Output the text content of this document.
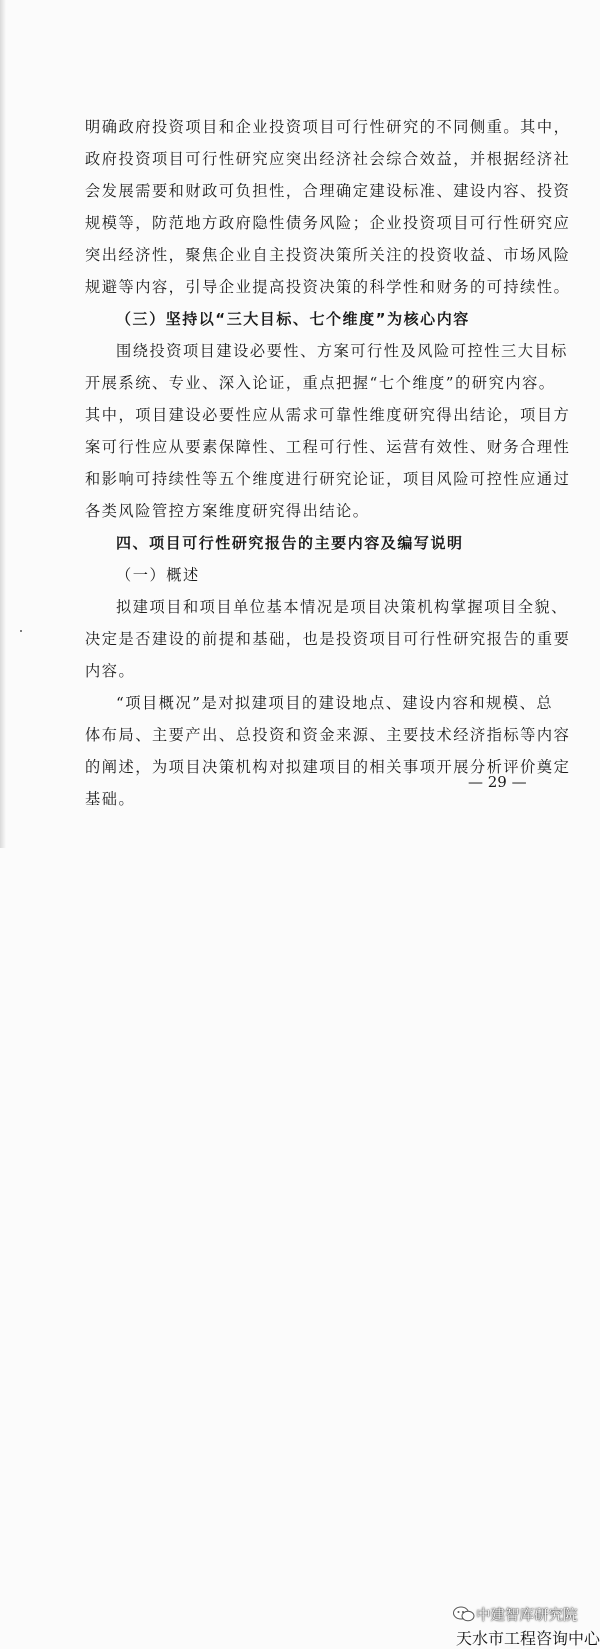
明确政府投资项目和企业投资项目可行性研究的不同侧重。其中，
政府投资项目可行性研究应突出经济社会综合效益，并根据经济社
会发展需要和财政可负担性，合理确定建设标准、建设内容、投资
规模等，防范地方政府隐性债务风险；企业投资项目可行性研究应
突出经济性，聚焦企业自主投资决策所关注的投资收益、市场风险
规避等内容，引导企业提高投资决策的科学性和财务的可持续性。
（三）坚持以“三大目标、七个维度”为核心内容
围绕投资项目建设必要性、方案可行性及风险可控性三大目标
开展系统、专业、深入论证，重点把握“七个维度”的研究内容。
其中，项目建设必要性应从需求可靠性维度研究得出结论，项目方
案可行性应从要素保障性、工程可行性、运营有效性、财务合理性
和影响可持续性等五个维度进行研究论证，项目风险可控性应通过
各类风险管控方案维度研究得出结论。
四、项目可行性研究报告的主要内容及编写说明
（一）概述
拟建项目和项目单位基本情况是项目决策机构掌握项目全貌、
决定是否建设的前提和基础，也是投资项目可行性研究报告的重要
内容。
“项目概况”是对拟建项目的建设地点、建设内容和规模、总
体布局、主要产出、总投资和资金来源、主要技术经济指标等内容
的阐述，为项目决策机构对拟建项目的相关事项开展分析评价奠定
基础。
— 29 —
中建智库研究院
天水市工程咨询中心
